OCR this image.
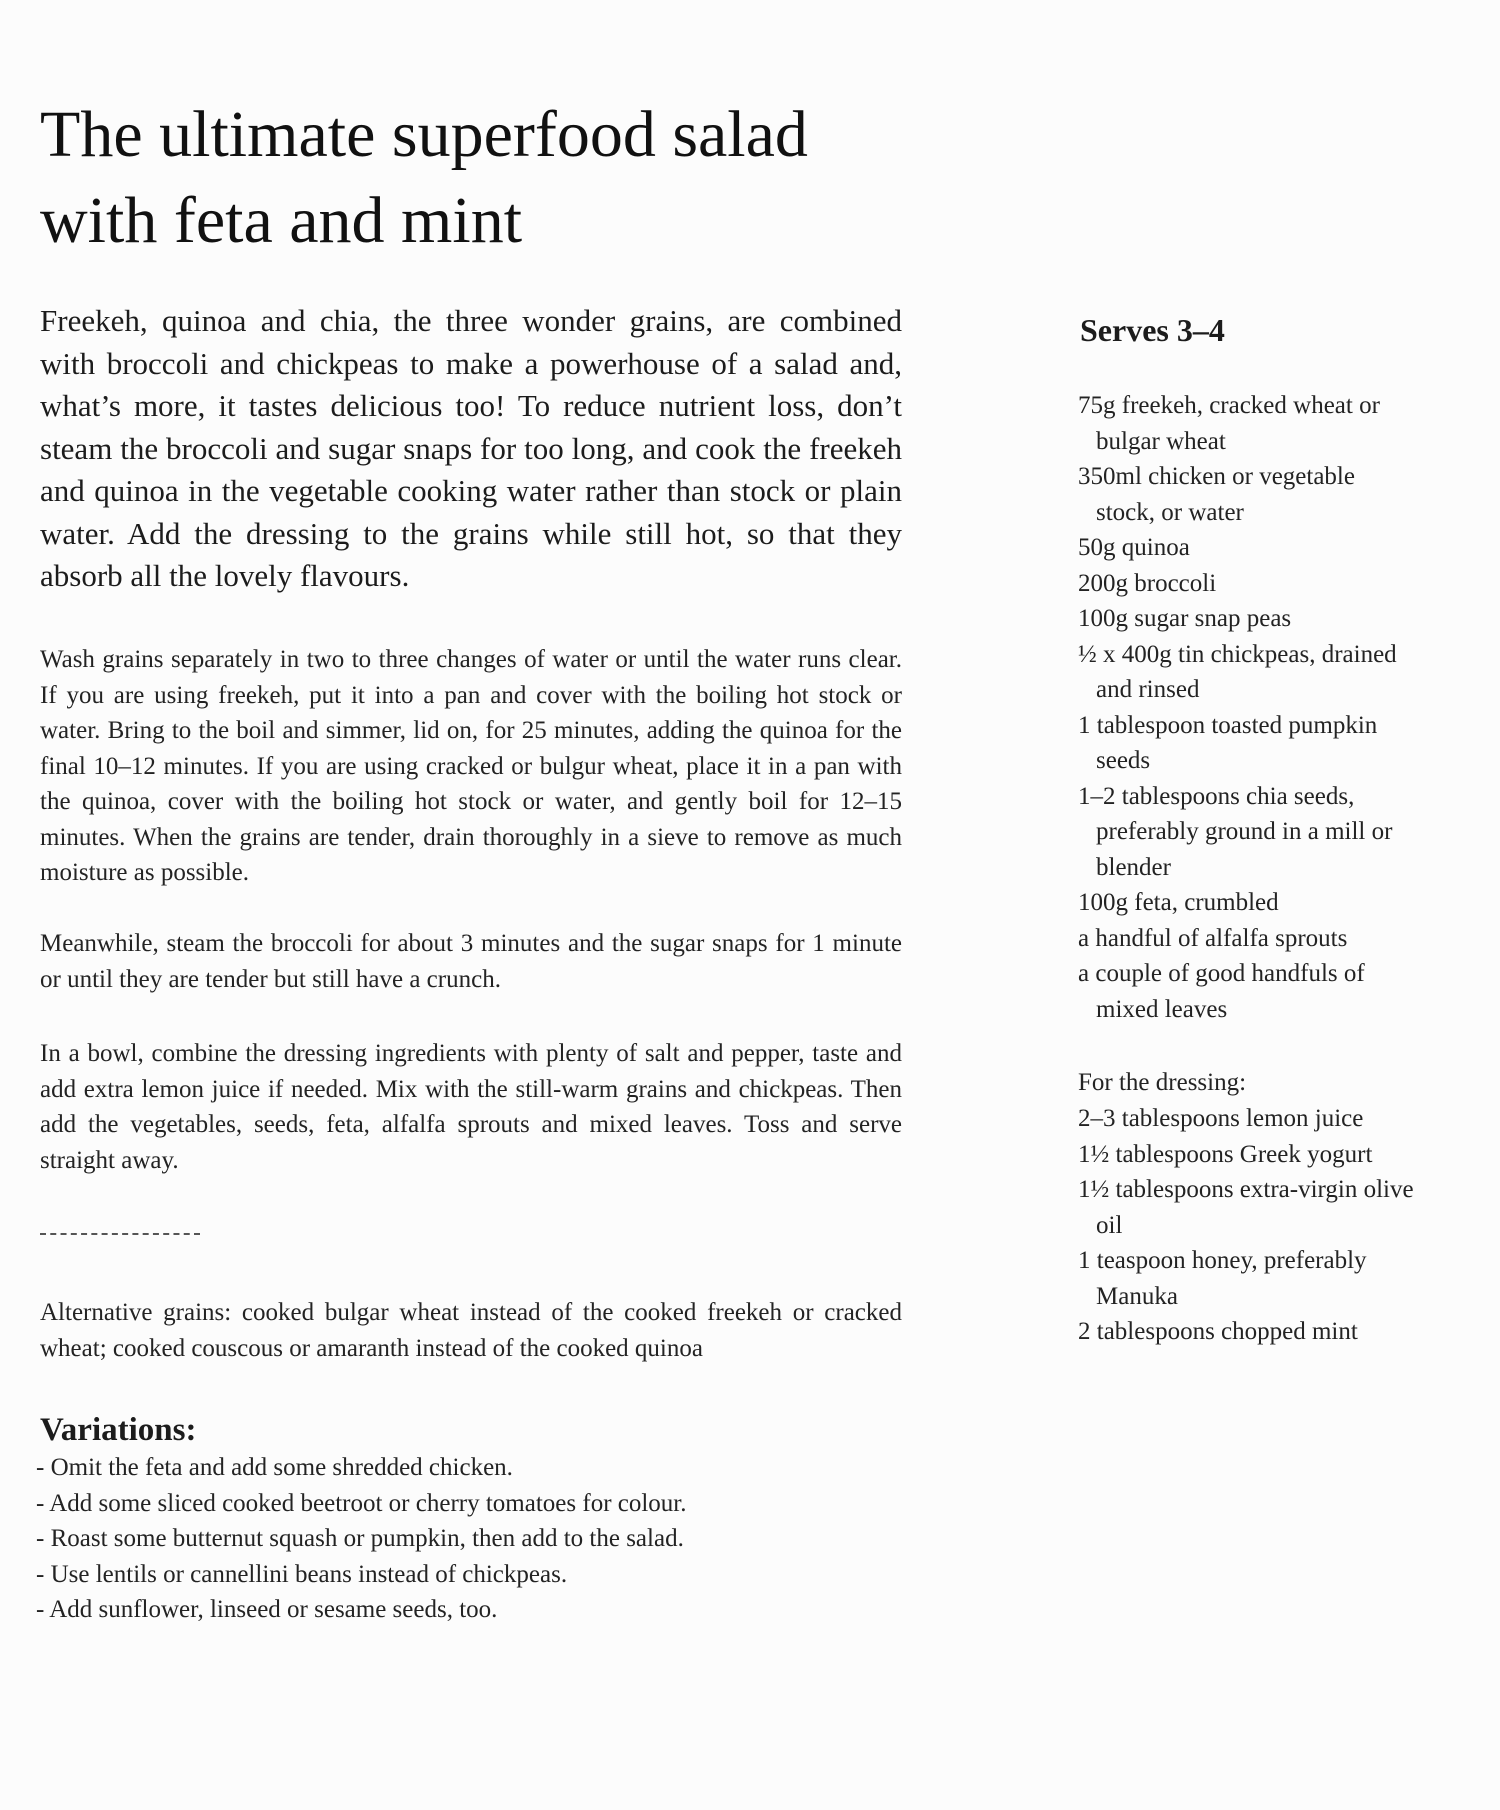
The ultimate superfood salad
with feta and mint

Freekeh, quinoa and chia, the three wonder grains, are combined with broccoli and chickpeas to make a powerhouse of a salad and, what’s more, it tastes delicious too! To reduce nutrient loss, don’t steam the broccoli and sugar snaps for too long, and cook the freekeh and quinoa in the vegetable cooking water rather than stock or plain water. Add the dressing to the grains while still hot, so that they absorb all the lovely flavours.

Wash grains separately in two to three changes of water or until the water runs clear. If you are using freekeh, put it into a pan and cover with the boiling hot stock or water. Bring to the boil and simmer, lid on, for 25 minutes, adding the quinoa for the final 10–12 minutes. If you are using cracked or bulgur wheat, place it in a pan with the quinoa, cover with the boiling hot stock or water, and gently boil for 12–15 minutes. When the grains are tender, drain thoroughly in a sieve to remove as much moisture as possible.

Meanwhile, steam the broccoli for about 3 minutes and the sugar snaps for 1 minute or until they are tender but still have a crunch.

In a bowl, combine the dressing ingredients with plenty of salt and pepper, taste and add extra lemon juice if needed. Mix with the still-warm grains and chickpeas. Then add the vegetables, seeds, feta, alfalfa sprouts and mixed leaves. Toss and serve straight away.

Alternative grains: cooked bulgar wheat instead of the cooked freekeh or cracked wheat; cooked couscous or amaranth instead of the cooked quinoa

Variations:
- Omit the feta and add some shredded chicken.
- Add some sliced cooked beetroot or cherry tomatoes for colour.
- Roast some butternut squash or pumpkin, then add to the salad.
- Use lentils or cannellini beans instead of chickpeas.
- Add sunflower, linseed or sesame seeds, too.
Serves 3–4
75g freekeh, cracked wheat or bulgar wheat
350ml chicken or vegetable stock, or water
50g quinoa
200g broccoli
100g sugar snap peas
½ x 400g tin chickpeas, drained and rinsed
1 tablespoon toasted pumpkin seeds
1–2 tablespoons chia seeds, preferably ground in a mill or blender
100g feta, crumbled
a handful of alfalfa sprouts
a couple of good handfuls of mixed leaves

For the dressing:

2–3 tablespoons lemon juice
1½ tablespoons Greek yogurt
1½ tablespoons extra-virgin olive oil
1 teaspoon honey, preferably Manuka
2 tablespoons chopped mint
